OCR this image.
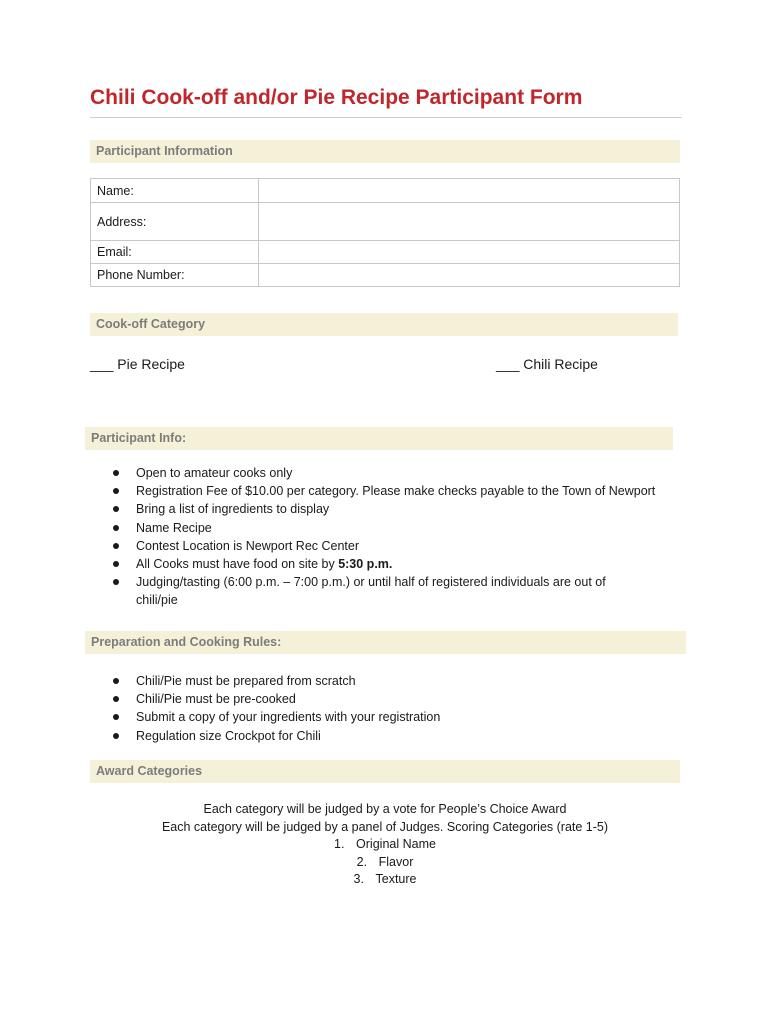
Chili Cook-off and/or Pie Recipe Participant Form
Participant Information
Name:	
Address:	
Email:	
Phone Number:	
Cook-off Category
___ Pie Recipe	___ Chili Recipe
Participant Info:
Open to amateur cooks only
Registration Fee of $10.00 per category. Please make checks payable to the Town of Newport
Bring a list of ingredients to display
Name Recipe
Contest Location is Newport Rec Center
All Cooks must have food on site by 5:30 p.m.
Judging/tasting (6:00 p.m. – 7:00 p.m.) or until half of registered individuals are out of
chili/pie
Preparation and Cooking Rules:
Chili/Pie must be prepared from scratch
Chili/Pie must be pre-cooked
Submit a copy of your ingredients with your registration
Regulation size Crockpot for Chili
Award Categories
Each category will be judged by a vote for People’s Choice Award
Each category will be judged by a panel of Judges. Scoring Categories (rate 1-5)
1. Original Name
2. Flavor
3. Texture
